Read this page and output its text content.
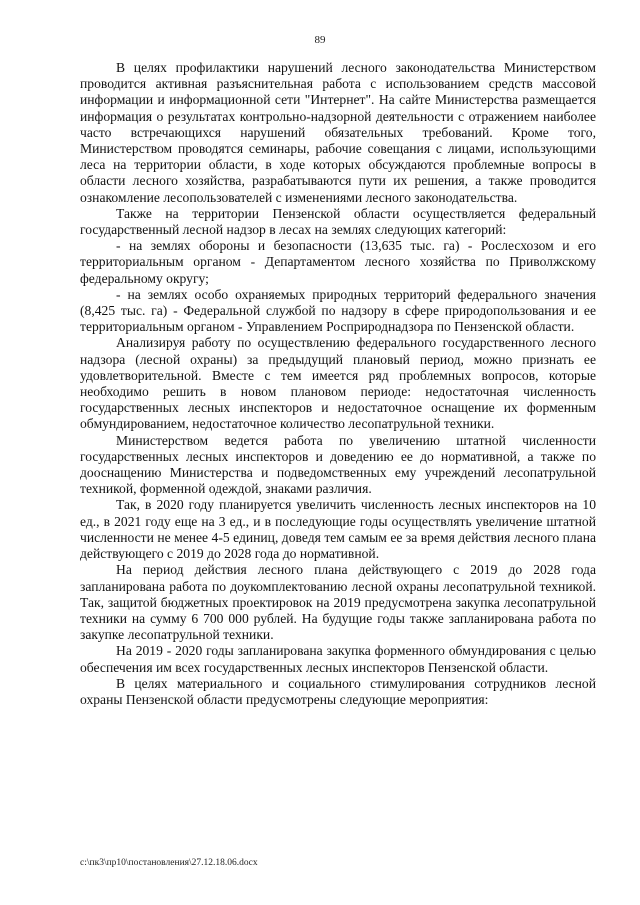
89

В целях профилактики нарушений лесного законодательства Министерством проводится активная разъяснительная работа с использованием средств массовой информации и информационной сети "Интернет". На сайте Министерства размещается информация о результатах контрольно-надзорной деятельности с отражением наиболее часто встречающихся нарушений обязательных требований. Кроме того, Министерством проводятся семинары, рабочие совещания с лицами, использующими леса на территории области, в ходе которых обсуждаются проблемные вопросы в области лесного хозяйства, разрабатываются пути их решения, а также проводится ознакомление лесопользователей с изменениями лесного законодательства.

Также на территории Пензенской области осуществляется федеральный государственный лесной надзор в лесах на землях следующих категорий:

- на землях обороны и безопасности (13,635 тыс. га) - Рослесхозом и его территориальным органом - Департаментом лесного хозяйства по Приволжскому федеральному округу;

- на землях особо охраняемых природных территорий федерального значения (8,425 тыс. га) - Федеральной службой по надзору в сфере природопользования и ее территориальным органом - Управлением Росприроднадзора по Пензенской области.

Анализируя работу по осуществлению федерального государственного лесного надзора (лесной охраны) за предыдущий плановый период, можно признать ее удовлетворительной. Вместе с тем имеется ряд проблемных вопросов, которые необходимо решить в новом плановом периоде: недостаточная численность государственных лесных инспекторов и недостаточное оснащение их форменным обмундированием, недостаточное количество лесопатрульной техники.

Министерством ведется работа по увеличению штатной численности государственных лесных инспекторов и доведению ее до нормативной, а также по дооснащению Министерства и подведомственных ему учреждений лесопатрульной техникой, форменной одеждой, знаками различия.

Так, в 2020 году планируется увеличить численность лесных инспекторов на 10 ед., в 2021 году еще на 3 ед., и в последующие годы осуществлять увеличение штатной численности не менее 4-5 единиц, доведя тем самым ее за время действия лесного плана действующего с 2019 до 2028 года до нормативной.

На период действия лесного плана действующего с 2019 до 2028 года запланирована работа по доукомплектованию лесной охраны лесопатрульной техникой. Так, защитой бюджетных проектировок на 2019 предусмотрена закупка лесопатрульной техники на сумму 6 700 000 рублей. На будущие годы также запланирована работа по закупке лесопатрульной техники.

На 2019 - 2020 годы запланирована закупка форменного обмундирования с целью обеспечения им всех государственных лесных инспекторов Пензенской области.

В целях материального и социального стимулирования сотрудников лесной охраны Пензенской области предусмотрены следующие мероприятия:

c:\пк3\пр10\постановления\27.12.18.06.docx
